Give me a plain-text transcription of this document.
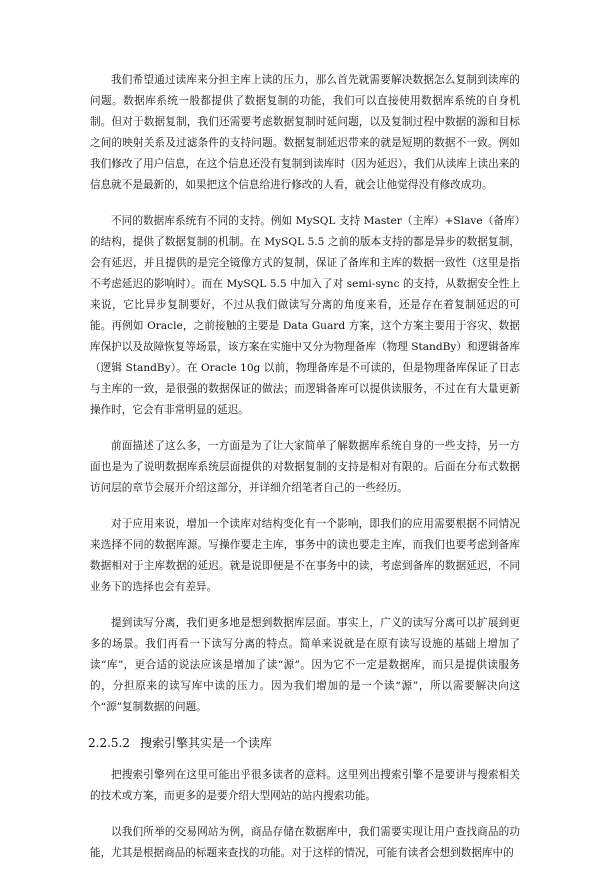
我们希望通过读库来分担主库上读的压力，那么首先就需要解决数据怎么复制到读库的问题。数据库系统一般都提供了数据复制的功能，我们可以直接使用数据库系统的自身机制。但对于数据复制，我们还需要考虑数据复制时延问题，以及复制过程中数据的源和目标之间的映射关系及过滤条件的支持问题。数据复制延迟带来的就是短期的数据不一致。例如我们修改了用户信息，在这个信息还没有复制到读库时（因为延迟），我们从读库上读出来的信息就不是最新的，如果把这个信息给进行修改的人看，就会让他觉得没有修改成功。

不同的数据库系统有不同的支持。例如 MySQL 支持 Master（主库）+Slave（备库）的结构，提供了数据复制的机制。在 MySQL 5.5 之前的版本支持的都是异步的数据复制，会有延迟，并且提供的是完全镜像方式的复制，保证了备库和主库的数据一致性（这里是指不考虑延迟的影响时）。而在 MySQL 5.5 中加入了对 semi-sync 的支持，从数据安全性上来说，它比异步复制要好，不过从我们做读写分离的角度来看，还是存在着复制延迟的可能。再例如 Oracle，之前接触的主要是 Data Guard 方案，这个方案主要用于容灾、数据库保护以及故障恢复等场景，该方案在实施中又分为物理备库（物理 StandBy）和逻辑备库（逻辑 StandBy）。在 Oracle 10g 以前，物理备库是不可读的，但是物理备库保证了日志与主库的一致，是很强的数据保证的做法；而逻辑备库可以提供读服务，不过在有大量更新操作时，它会有非常明显的延迟。

前面描述了这么多，一方面是为了让大家简单了解数据库系统自身的一些支持，另一方面也是为了说明数据库系统层面提供的对数据复制的支持是相对有限的。后面在分布式数据访问层的章节会展开介绍这部分，并详细介绍笔者自己的一些经历。

对于应用来说，增加一个读库对结构变化有一个影响，即我们的应用需要根据不同情况来选择不同的数据库源。写操作要走主库，事务中的读也要走主库，而我们也要考虑到备库数据相对于主库数据的延迟。就是说即便是不在事务中的读，考虑到备库的数据延迟，不同业务下的选择也会有差异。

提到读写分离，我们更多地是想到数据库层面。事实上，广义的读写分离可以扩展到更多的场景。我们再看一下读写分离的特点。简单来说就是在原有读写设施的基础上增加了读“库”，更合适的说法应该是增加了读“源”。因为它不一定是数据库，而只是提供读服务的，分担原来的读写库中读的压力。因为我们增加的是一个读“源”，所以需要解决向这个“源”复制数据的问题。

2.2.5.2 搜索引擎其实是一个读库

把搜索引擎列在这里可能出乎很多读者的意料。这里列出搜索引擎不是要讲与搜索相关的技术或方案，而更多的是要介绍大型网站的站内搜索功能。

以我们所举的交易网站为例，商品存储在数据库中，我们需要实现让用户查找商品的功能，尤其是根据商品的标题来查找的功能。对于这样的情况，可能有读者会想到数据库中的
